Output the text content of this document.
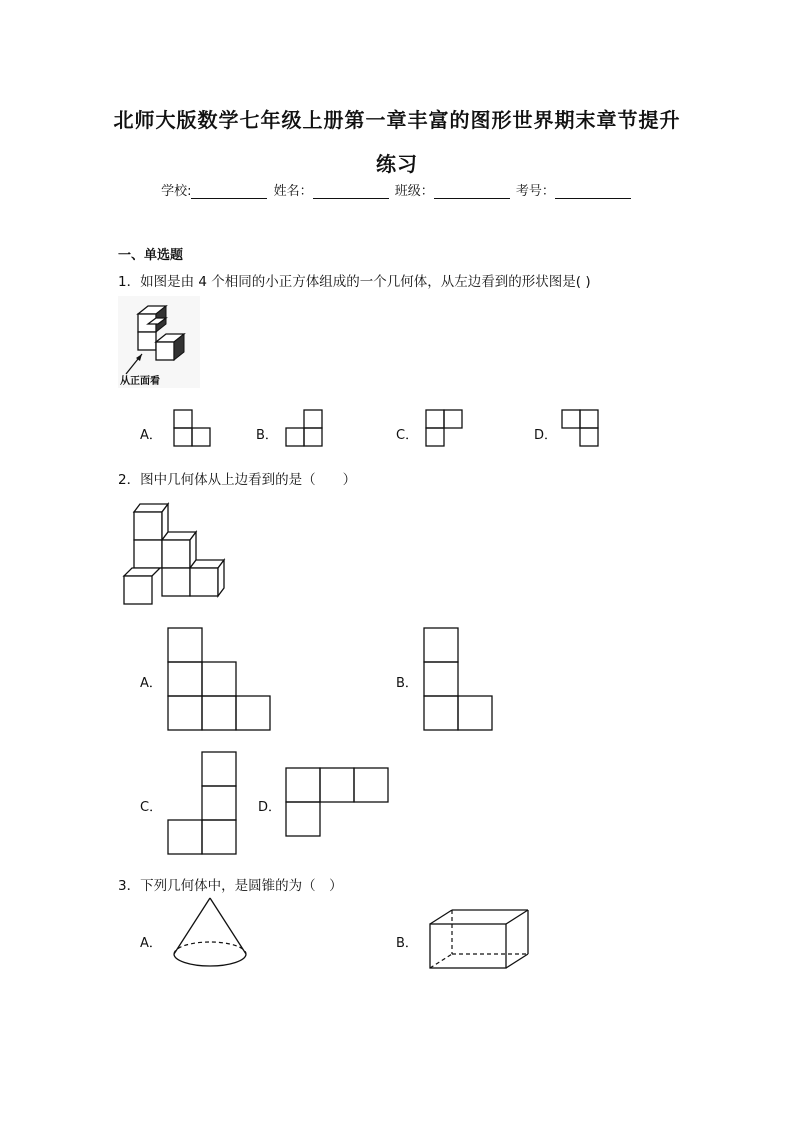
北师大版数学七年级上册第一章丰富的图形世界期末章节提升
练习
学校:	姓名：	班级：	考号：
一、单选题
1．如图是由 4 个相同的小正方体组成的一个几何体，从左边看到的形状图是( )
从正面看
A．	B．	C．	D．
2．图中几何体从上边看到的是（　　）
A．	B．
C．	D．
3．下列几何体中，是圆锥的为（　）
A．	B．
